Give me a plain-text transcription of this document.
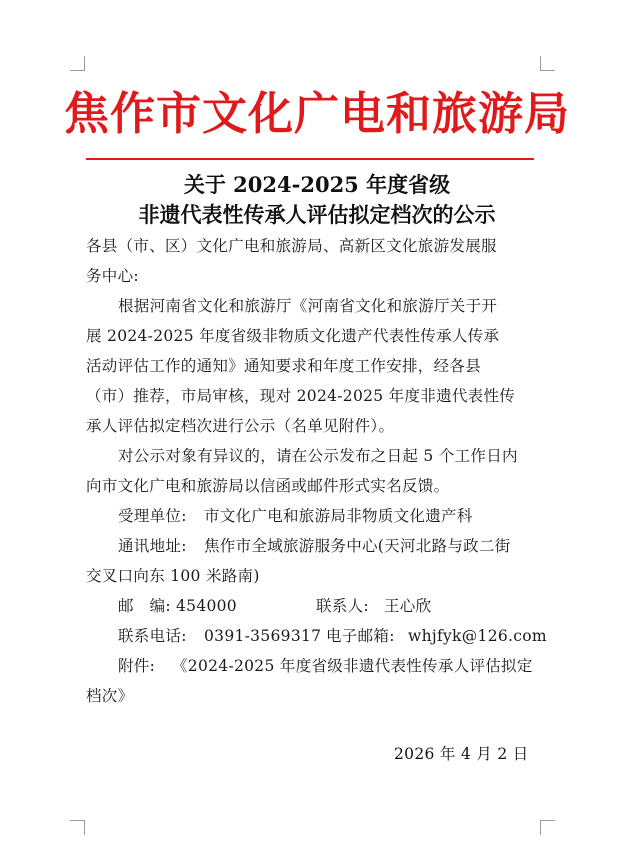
焦作市文化广电和旅游局
关于 2024-2025 年度省级
非遗代表性传承人评估拟定档次的公示
各县（市、区）文化广电和旅游局、高新区文化旅游发展服
务中心:
根据河南省文化和旅游厅《河南省文化和旅游厅关于开
展 2024-2025 年度省级非物质文化遗产代表性传承人传承
活动评估工作的通知》通知要求和年度工作安排，经各县
（市）推荐，市局审核，现对 2024-2025 年度非遗代表性传
承人评估拟定档次进行公示（名单见附件）。
对公示对象有异议的，请在公示发布之日起 5 个工作日内
向市文化广电和旅游局以信函或邮件形式实名反馈。
受理单位: 市文化广电和旅游局非物质文化遗产科
通讯地址: 焦作市全域旅游服务中心(天河北路与政二街
交叉口向东 100 米路南)
邮　编: 454000	联系人: 王心欣
联系电话: 0391-3569317 电子邮箱: whjfyk@126.com
附件: 《2024-2025 年度省级非遗代表性传承人评估拟定
档次》
2026 年 4 月 2 日
